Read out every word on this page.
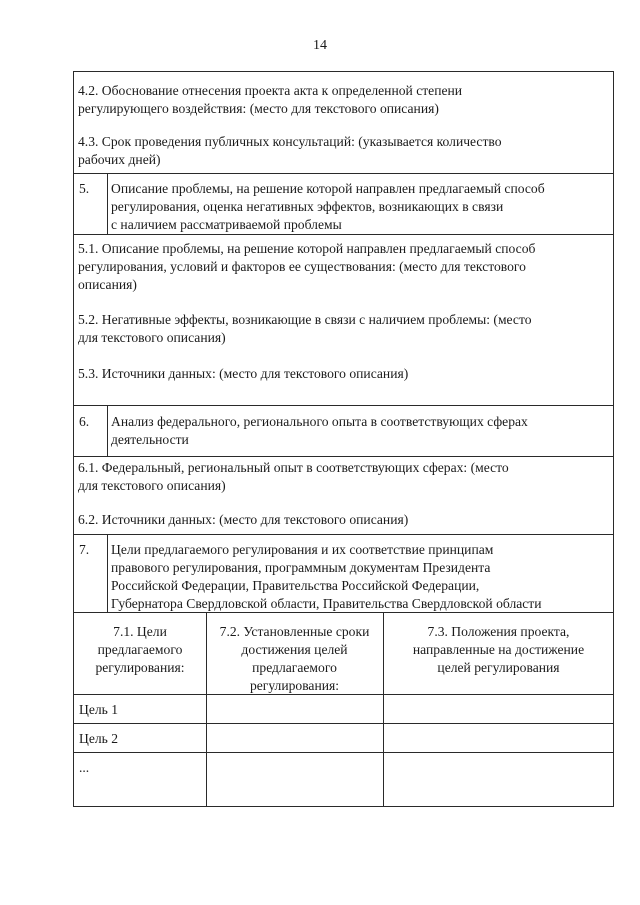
14
4.2. Обоснование отнесения проекта акта к определенной степени
регулирующего воздействия: (место для текстового описания)
4.3. Срок проведения публичных консультаций: (указывается количество
рабочих дней)
5. Описание проблемы, на решение которой направлен предлагаемый способ
регулирования, оценка негативных эффектов, возникающих в связи
с наличием рассматриваемой проблемы
5.1. Описание проблемы, на решение которой направлен предлагаемый способ
регулирования, условий и факторов ее существования: (место для текстового
описания)
5.2. Негативные эффекты, возникающие в связи с наличием проблемы: (место
для текстового описания)
5.3. Источники данных: (место для текстового описания)
6. Анализ федерального, регионального опыта в соответствующих сферах
деятельности
6.1. Федеральный, региональный опыт в соответствующих сферах: (место
для текстового описания)
6.2. Источники данных: (место для текстового описания)
7. Цели предлагаемого регулирования и их соответствие принципам
правового регулирования, программным документам Президента
Российской Федерации, Правительства Российской Федерации,
Губернатора Свердловской области, Правительства Свердловской области
7.1. Цели
предлагаемого
регулирования:
7.2. Установленные сроки
достижения целей
предлагаемого
регулирования:
7.3. Положения проекта,
направленные на достижение
целей регулирования
Цель 1
Цель 2
...
